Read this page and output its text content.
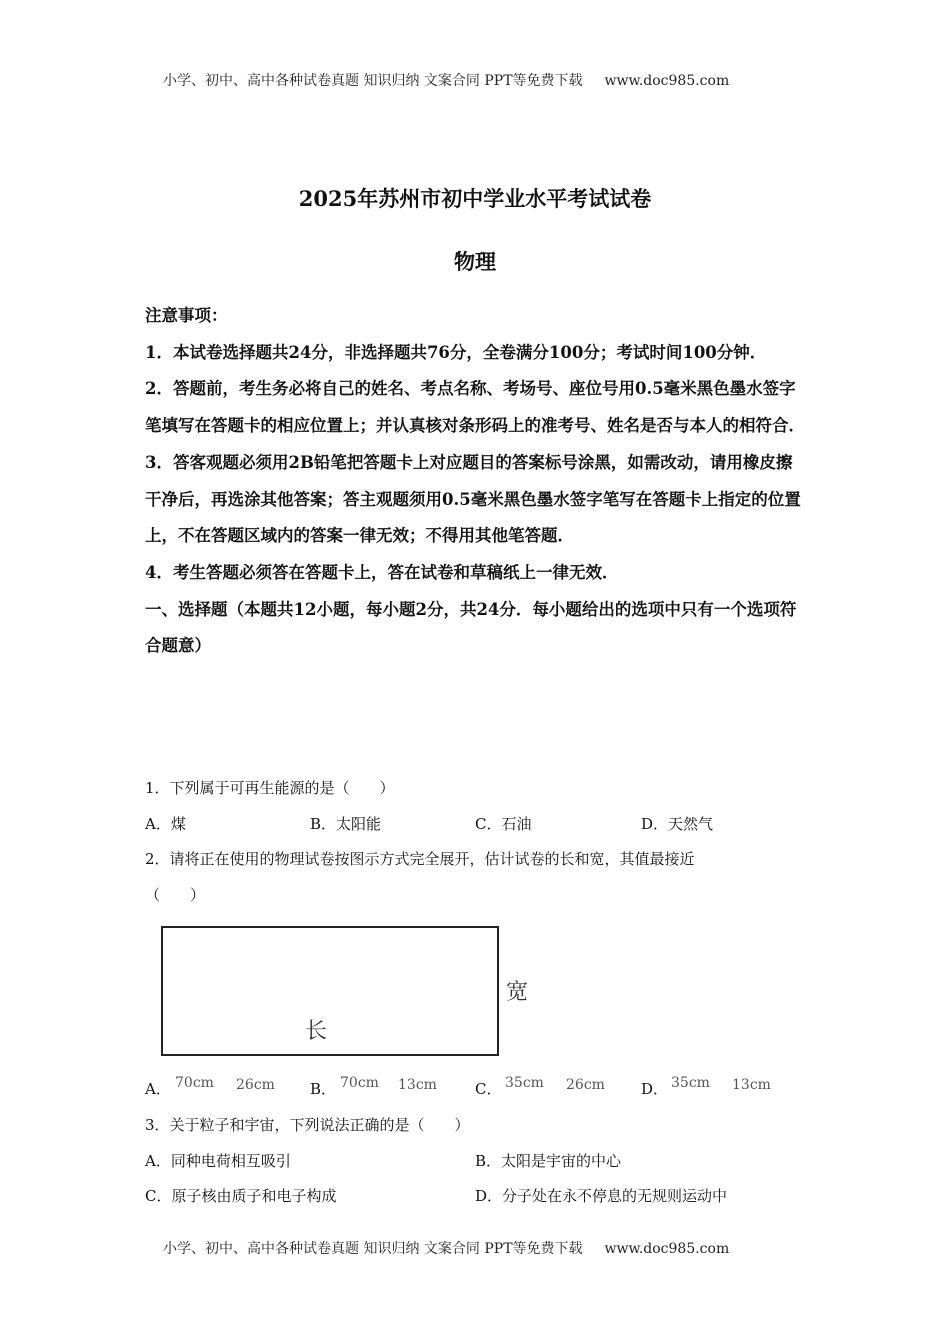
小学、初中、高中各种试卷真题 知识归纳 文案合同 PPT等免费下载 www.doc985.com
2025年苏州市初中学业水平考试试卷
物理

注意事项：

1．本试卷选择题共24分，非选择题共76分，全卷满分100分；考试时间100分钟．

2．答题前，考生务必将自己的姓名、考点名称、考场号、座位号用0.5毫米黑色墨水签字笔填写在答题卡的相应位置上；并认真核对条形码上的准考号、姓名是否与本人的相符合．

3．答客观题必须用2B铅笔把答题卡上对应题目的答案标号涂黑，如需改动，请用橡皮擦干净后，再选涂其他答案；答主观题须用0.5毫米黑色墨水签字笔写在答题卡上指定的位置上，不在答题区域内的答案一律无效；不得用其他笔答题．

4．考生答题必须答在答题卡上，答在试卷和草稿纸上一律无效．

一、选择题（本题共12小题，每小题2分，共24分．每小题给出的选项中只有一个选项符合题意）

1．下列属于可再生能源的是（　　）
A．煤	B．太阳能	C．石油	D．天然气
2．请将正在使用的物理试卷按图示方式完全展开，估计试卷的长和宽，其值最接近
（　　）
长
宽
A． 70cm 26cm B． 70cm 13cm	C． 35cm 26cm D． 35cm 13cm
3．关于粒子和宇宙，下列说法正确的是（　　）
A．同种电荷相互吸引	B．太阳是宇宙的中心
C．原子核由质子和电子构成	D．分子处在永不停息的无规则运动中
小学、初中、高中各种试卷真题 知识归纳 文案合同 PPT等免费下载 www.doc985.com
